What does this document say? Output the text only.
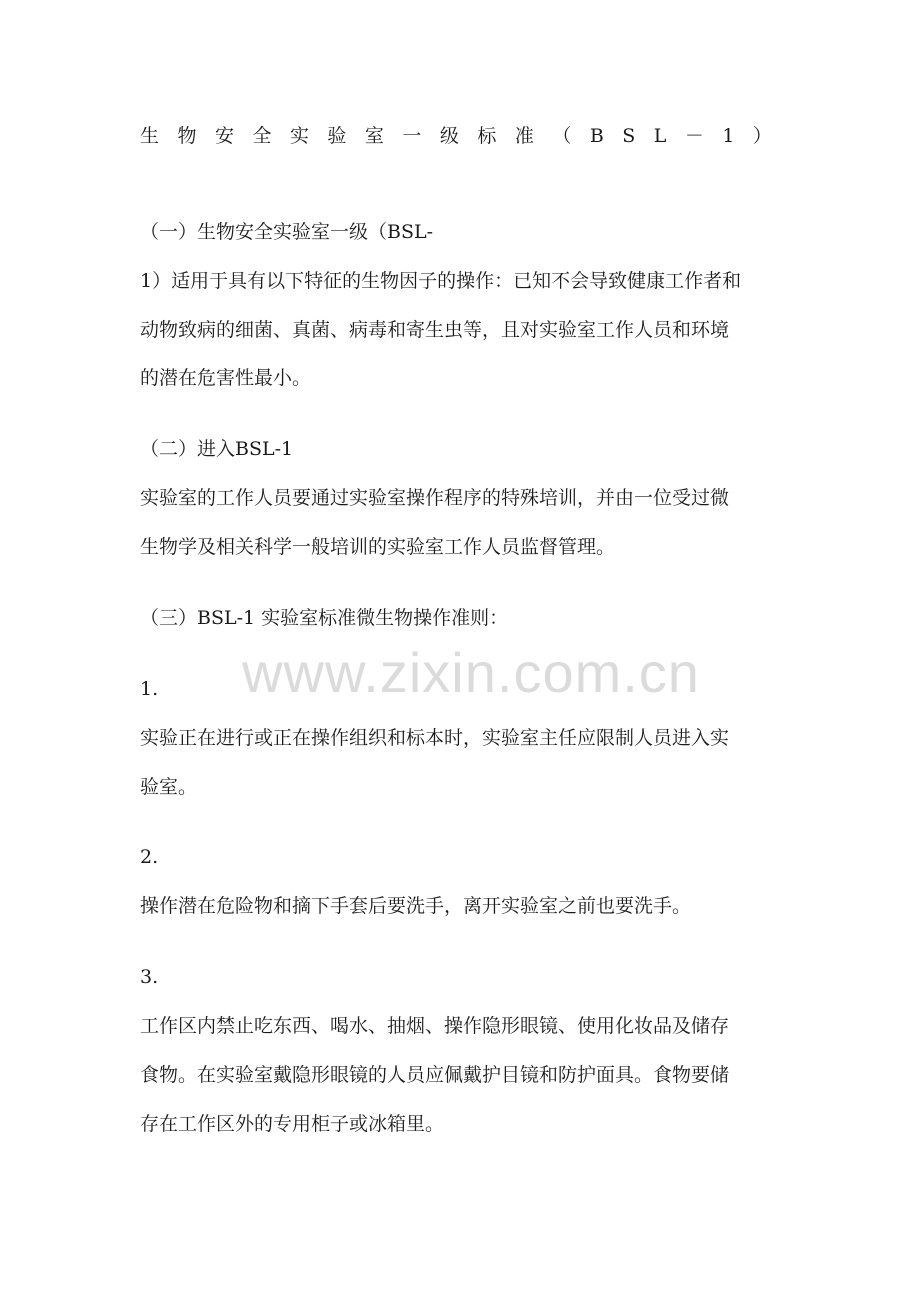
生 物 安 全 实 验 室 一 级 标 准 （ B S L － 1 ）
（一）生物安全实验室一级（BSL-
1）适用于具有以下特征的生物因子的操作：已知不会导致健康工作者和
动物致病的细菌、真菌、病毒和寄生虫等，且对实验室工作人员和环境
的潜在危害性最小。
（二）进入BSL-1
实验室的工作人员要通过实验室操作程序的特殊培训，并由一位受过微
生物学及相关科学一般培训的实验室工作人员监督管理。
（三）BSL-1 实验室标准微生物操作准则：
1.
实验正在进行或正在操作组织和标本时，实验室主任应限制人员进入实
验室。
2.
操作潜在危险物和摘下手套后要洗手，离开实验室之前也要洗手。
3.
工作区内禁止吃东西、喝水、抽烟、操作隐形眼镜、使用化妆品及储存
食物。在实验室戴隐形眼镜的人员应佩戴护目镜和防护面具。食物要储
存在工作区外的专用柜子或冰箱里。
www.zixin.com.cn
